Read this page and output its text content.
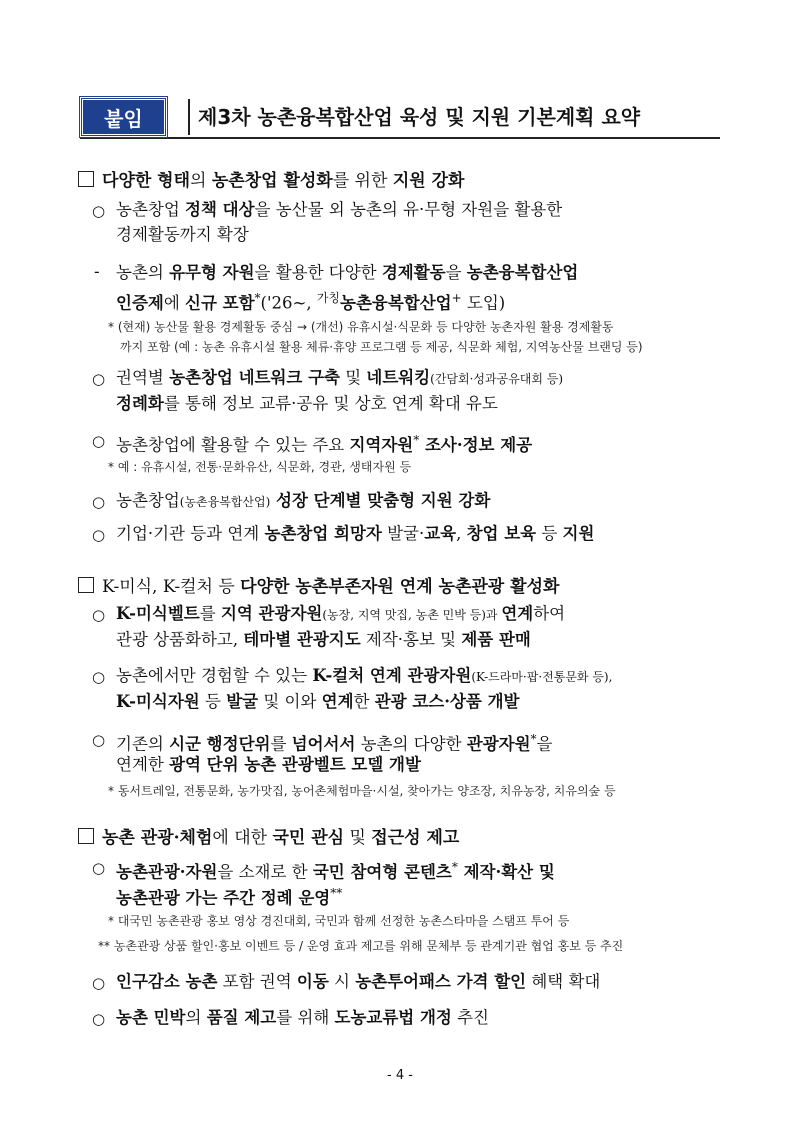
붙임	제3차 농촌융복합산업 육성 및 지원 기본계획 요약
다양한 형태의 농촌창업 활성화를 위한 지원 강화
○ 농촌창업 정책 대상을 농산물 외 농촌의 유·무형 자원을 활용한
경제활동까지 확장
- 농촌의 유무형 자원을 활용한 다양한 경제활동을 농촌융복합산업
인증제에 신규 포함*('26~, $^{가칭}$농촌융복합산업+ 도입)
* (현재) 농산물 활용 경제활동 중심 → (개선) 유휴시설·식문화 등 다양한 농촌자원 활용 경제활동
까지 포함 (예 : 농촌 유휴시설 활용 체류·휴양 프로그램 등 제공, 식문화 체험, 지역농산물 브랜딩 등)
○ 권역별 농촌창업 네트워크 구축 및 네트워킹(간담회·성과공유대회 등)
정례화를 통해 정보 교류·공유 및 상호 연계 확대 유도
○ 농촌창업에 활용할 수 있는 주요 지역자원* 조사·정보 제공
* 예 : 유휴시설, 전통·문화유산, 식문화, 경관, 생태자원 등
○ 농촌창업(농촌융복합산업) 성장 단계별 맞춤형 지원 강화
○ 기업·기관 등과 연계 농촌창업 희망자 발굴·교육, 창업 보육 등 지원
K-미식, K-컬처 등 다양한 농촌부존자원 연계 농촌관광 활성화
○ K-미식벨트를 지역 관광자원(농장, 지역 맛집, 농촌 민박 등)과 연계하여
관광 상품화하고, 테마별 관광지도 제작·홍보 및 제품 판매
○ 농촌에서만 경험할 수 있는 K-컬처 연계 관광자원(K-드라마·팝·전통문화 등),
K-미식자원 등 발굴 및 이와 연계한 관광 코스·상품 개발
○ 기존의 시군 행정단위를 넘어서서 농촌의 다양한 관광자원*을
연계한 광역 단위 농촌 관광벨트 모델 개발
* 동서트레일, 전통문화, 농가맛집, 농어촌체험마을·시설, 찾아가는 양조장, 치유농장, 치유의숲 등
농촌 관광·체험에 대한 국민 관심 및 접근성 제고
○ 농촌관광·자원을 소재로 한 국민 참여형 콘텐츠* 제작·확산 및
농촌관광 가는 주간 정례 운영**
* 대국민 농촌관광 홍보 영상 경진대회, 국민과 함께 선정한 농촌스타마을 스탬프 투어 등
** 농촌관광 상품 할인·홍보 이벤트 등 / 운영 효과 제고를 위해 문체부 등 관계기관 협업 홍보 등 추진
○ 인구감소 농촌 포함 권역 이동 시 농촌투어패스 가격 할인 혜택 확대
○ 농촌 민박의 품질 제고를 위해 도농교류법 개정 추진
- 4 -
